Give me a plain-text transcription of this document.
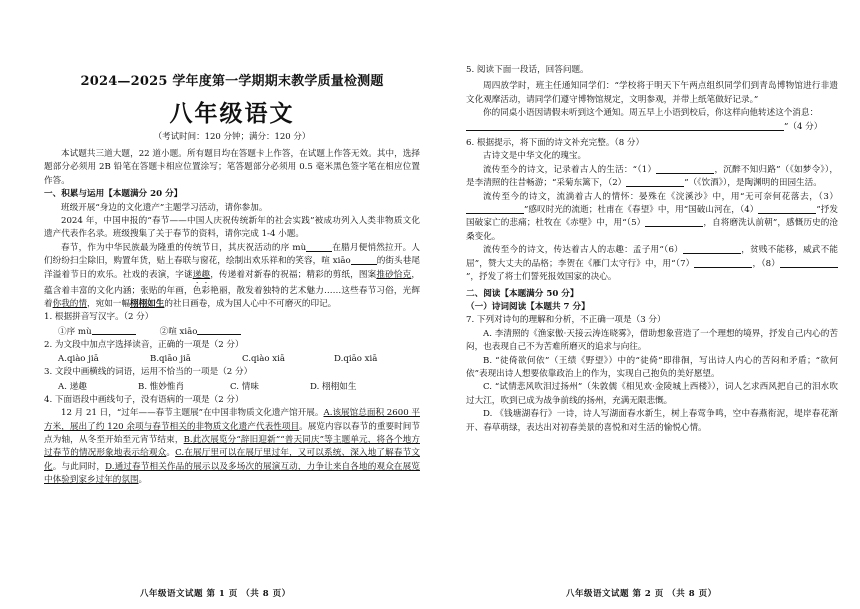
2024—2025 学年度第一学期期末教学质量检测题
八年级语文
（考试时间：120 分钟；满分：120 分）

本试题共三道大题，22 道小题。所有题目均在答题卡上作答，在试题上作答无效。其中，选择题部分必须用 2B 铅笔在答题卡相应位置涂写；笔答题部分必须用 0.5 毫米黑色签字笔在相应位置作答。

一、积累与运用【本题满分 20 分】

班级开展“身边的文化遗产”主题学习活动，请你参加。

2024 年，中国申报的“春节——中国人庆祝传统新年的社会实践”被成功列入人类非物质文化遗产代表作名录。班级搜集了关于春节的资料，请你完成 1-4 小题。

春节，作为中华民族最为隆重的传统节日，其庆祝活动的序 mù	在腊月便悄然拉开。人们纷纷扫尘除旧，购置年货，贴上春联与窗花，绘制出欢乐祥和的笑容，喧 xiāo	的街头巷尾洋溢着节日的欢乐。社戏的表演，字谜递趣，传递着对新春的祝福；精彩的剪纸，图案推砂恰克，蕴含着丰富的文化内涵；张贴的年画，色彩艳丽，散发着独特的艺术魅力……这些春节习俗，光辉着你我的情，宛如一幅栩栩如生的社日画卷，成为国人心中不可磨灭的印记。

1. 根据拼音写汉字。（2 分）

①序 mù	②喧 xiāo

2. 为文段中加点字选择读音，正确的一项是（2 分）

A.qiào jiā	B.qiāo jiā	C.qiào xiā	D.qiāo xiā

3. 文段中画横线的词语，运用不恰当的一项是（2 分）

A. 递趣	B. 惟妙惟肖	C. 情味	D. 栩栩如生

4. 下面语段中画线句子，没有语病的一项是（2 分）

12 月 21 日，“过年——春节主题展”在中国非物质文化遗产馆开展。A.该展馆总面积 2600 平方米，展出了约 120 余项与春节相关的非物质文化遗产代表性项目。展览内容以春节的重要时间节点为轴，从冬至开始至元宵节结束，B.此次展览分“辞旧迎新”“普天同庆”等主题单元，将各个地方过春节的情况形象地表示给观众。C.在展厅里可以在展厅里过年，又可以系统、深入地了解春节文化。与此同时，D.通过春节相关作品的展示以及多场次的展演互动，力争让来自各地的观众在展览中体验到家乡过年的氛围。

八年级语文试题 第 1 页 （共 8 页）

5. 阅读下面一段话，回答问题。

周四放学时，班主任通知同学们：“学校将于明天下午两点组织同学们到青岛博物馆进行非遗文化观摩活动，请同学们遵守博物馆规定，文明参观，并带上纸笔做好记录。”

你的同桌小语因请假未听到这个通知。周五早上小语到校后，你这样向他转述这个消息：

”（4 分）

6. 根据提示，将下面的诗文补充完整。（8 分）

古诗文是中华文化的瑰宝。

流传至今的诗文，记录着古人的生活：“（1）	，沉醉不知归路”（《如梦令》），是李清照的往昔畅游；“采菊东篱下，（2）	”（《饮酒》），是陶渊明的田园生活。

流传至今的诗文，流淌着古人的情怀：晏殊在《浣溪沙》中，用“无可奈何花落去，（3）”感叹时光的流逝；杜甫在《春望》中，用“国破山河在，（4）	”抒发国破家亡的悲痛；杜牧在《赤壁》中，用“（5）	，自将磨洗认前朝”，感慨历史的沧桑变化。

流传至今的诗文，传达着古人的志趣：孟子用“（6）	，贫贱不能移，威武不能屈”，赞大丈夫的品格；李贺在《雁门太守行》中，用“（7）	，（8）”，抒发了将士们誓死报效国家的决心。

二、阅读【本题满分 50 分】

（一）诗词阅读【本题共 7 分】

7. 下列对诗句的理解和分析，不正确一项是（3 分）

A. 李清照的《渔家傲·天接云涛连晓雾》，借助想象营造了一个理想的境界，抒发自己内心的苦闷，也表现自己不为苦难所磨灭的追求与向往。

B. “徒倚欲何依”（王绩《野望》）中的“徒倚”即徘徊，写出诗人内心的苦闷和矛盾；“欲何依”表现出诗人想要依靠政治上的作为，实现自己抱负的美好愿望。

C. “试情悲风吹泪过扬州”（朱敦儒《相见欢·金陵城上西楼》），词人乞求西风把自己的泪水吹过大江，吹到已成为战争前线的扬州，充满无限悲慨。

D. 《钱塘湖春行》一诗，诗人写湖面春水新生，树上春莺争鸣，空中春燕衔泥，堤岸春花渐开、春草萌绿，表达出对初春美景的喜悦和对生活的愉悦心情。

八年级语文试题 第 2 页 （共 8 页）
